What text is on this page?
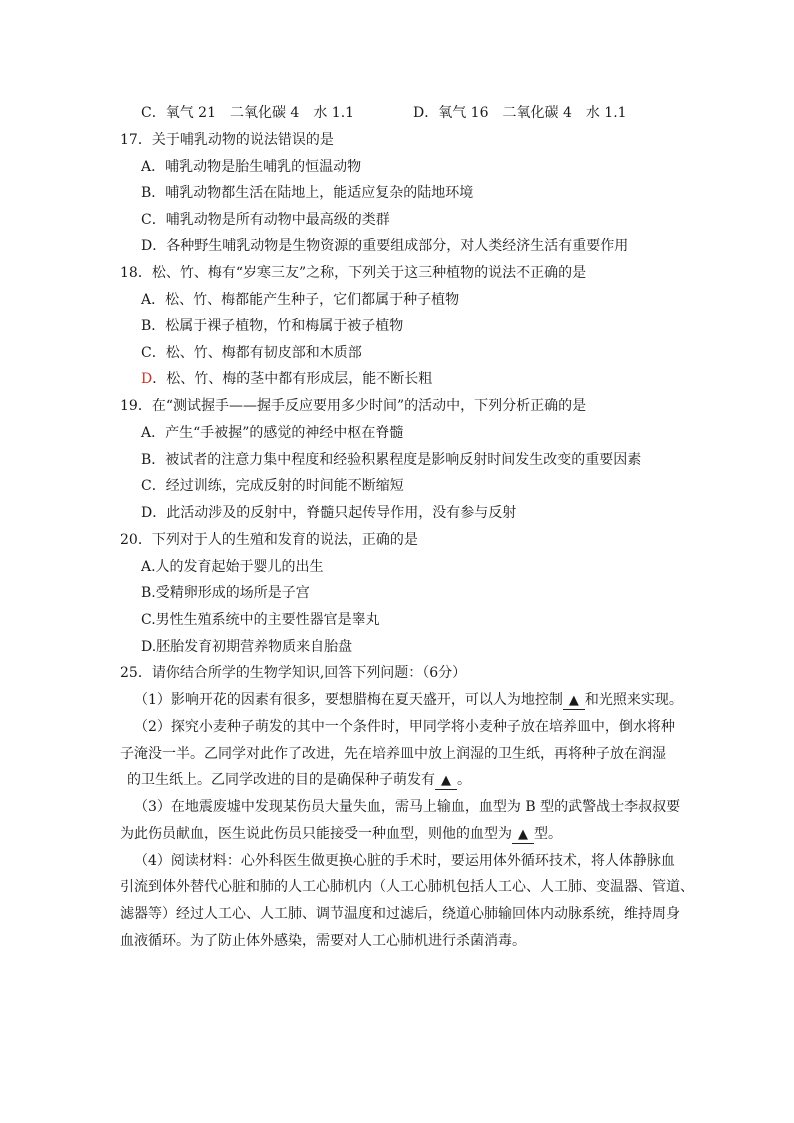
C．氧气 21　二氧化碳 4　水 1.1	D．氧气 16　二氧化碳 4　水 1.1
17．关于哺乳动物的说法错误的是
A．哺乳动物是胎生哺乳的恒温动物
B．哺乳动物都生活在陆地上，能适应复杂的陆地环境
C．哺乳动物是所有动物中最高级的类群
D．各种野生哺乳动物是生物资源的重要组成部分，对人类经济生活有重要作用
18．松、竹、梅有“岁寒三友”之称，下列关于这三种植物的说法不正确的是
A．松、竹、梅都能产生种子，它们都属于种子植物
B．松属于裸子植物，竹和梅属于被子植物
C．松、竹、梅都有韧皮部和木质部
D．松、竹、梅的茎中都有形成层，能不断长粗
19．在“测试握手——握手反应要用多少时间”的活动中，下列分析正确的是
A．产生“手被握”的感觉的神经中枢在脊髓
B．被试者的注意力集中程度和经验积累程度是影响反射时间发生改变的重要因素
C．经过训练，完成反射的时间能不断缩短
D．此活动涉及的反射中，脊髓只起传导作用，没有参与反射
20．下列对于人的生殖和发育的说法，正确的是
A.人的发育起始于婴儿的出生
B.受精卵形成的场所是子宫
C.男性生殖系统中的主要性器官是睾丸
D.胚胎发育初期营养物质来自胎盘
25．请你结合所学的生物学知识,回答下列问题：（6分）
（1）影响开花的因素有很多，要想腊梅在夏天盛开，可以人为地控制 ▲ 和光照来实现。
（2）探究小麦种子萌发的其中一个条件时，甲同学将小麦种子放在培养皿中，倒水将种
子淹没一半。乙同学对此作了改进，先在培养皿中放上润湿的卫生纸，再将种子放在润湿
的卫生纸上。乙同学改进的目的是确保种子萌发有 ▲ 。
（3）在地震废墟中发现某伤员大量失血，需马上输血，血型为 B 型的武警战士李叔叔要
为此伤员献血，医生说此伤员只能接受一种血型，则他的血型为 ▲ 型。
（4）阅读材料：心外科医生做更换心脏的手术时，要运用体外循环技术，将人体静脉血
引流到体外替代心脏和肺的人工心肺机内（人工心肺机包括人工心、人工肺、变温器、管道、
滤器等）经过人工心、人工肺、调节温度和过滤后，绕道心肺输回体内动脉系统，维持周身
血液循环。为了防止体外感染，需要对人工心肺机进行杀菌消毒。
